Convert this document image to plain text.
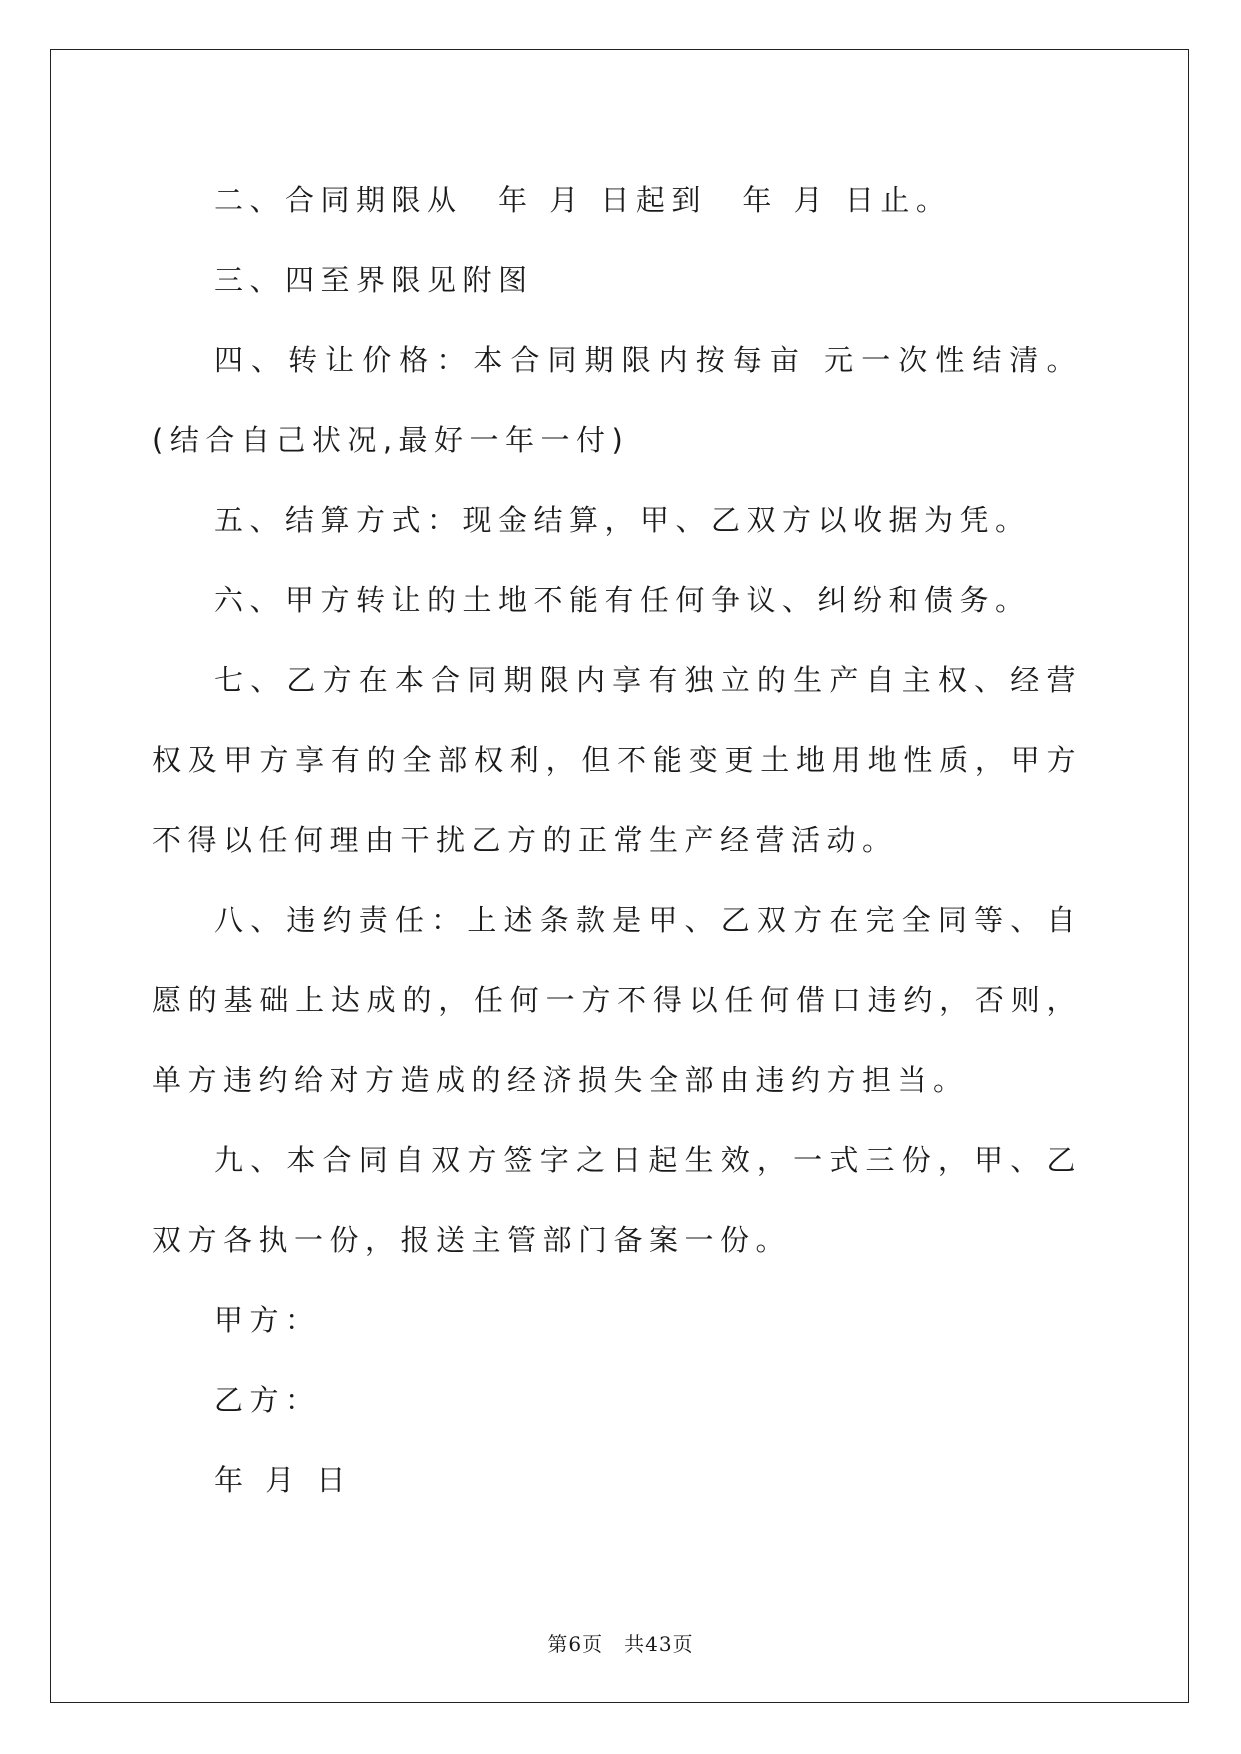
二、合同期限从　年 月 日起到　年 月 日止。

三、四至界限见附图

四、转让价格：本合同期限内按每亩 元一次性结清。(结合自己状况,最好一年一付)

五、结算方式：现金结算，甲、乙双方以收据为凭。

六、甲方转让的土地不能有任何争议、纠纷和债务。

七、乙方在本合同期限内享有独立的生产自主权、经营权及甲方享有的全部权利，但不能变更土地用地性质，甲方不得以任何理由干扰乙方的正常生产经营活动。

八、违约责任：上述条款是甲、乙双方在完全同等、自愿的基础上达成的，任何一方不得以任何借口违约，否则，单方违约给对方造成的经济损失全部由违约方担当。

九、本合同自双方签字之日起生效，一式三份，甲、乙双方各执一份，报送主管部门备案一份。

甲方：

乙方：

年 月 日

第6页　共43页
